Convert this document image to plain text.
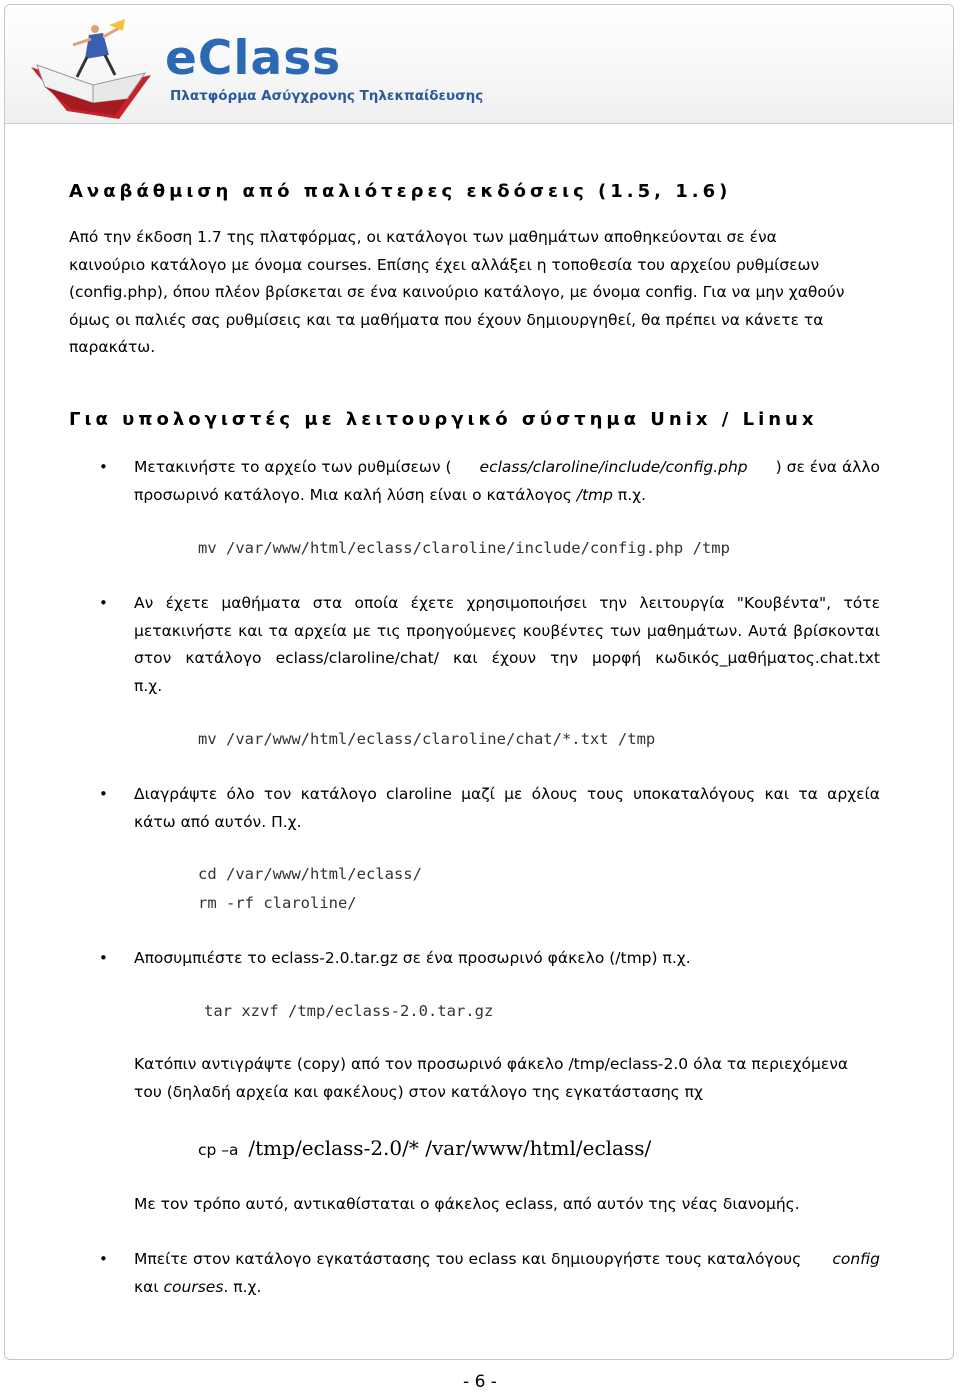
eClass
Πλατφόρμα Ασύγχρονης Τηλεκπαίδευσης
Αναβάθμιση από παλιότερες εκδόσεις (1.5, 1.6)

Από την έκδοση 1.7 της πλατφόρμας, οι κατάλογοι των μαθημάτων αποθηκεύονται σε ένα

καινούριο κατάλογο με όνομα courses. Επίσης έχει αλλάξει η τοποθεσία του αρχείου ρυθμίσεων

(config.php), όπου πλέον βρίσκεται σε ένα καινούριο κατάλογο, με όνομα config. Για να μην χαθούν

όμως οι παλιές σας ρυθμίσεις και τα μαθήματα που έχουν δημιουργηθεί, θα πρέπει να κάνετε τα

παρακάτω.

Για υπολογιστές με λειτουργικό σύστημα Unix / Linux
• Μετακινήστε το αρχείο των ρυθμίσεων ( eclass/claroline/include/config.php ) σε ένα άλλο
προσωρινό κατάλογο. Μια καλή λύση είναι ο κατάλογος /tmp π.χ.
mv /var/www/html/eclass/claroline/include/config.php /tmp
• Αν έχετε μαθήματα στα οποία έχετε χρησιμοποιήσει την λειτουργία "Κουβέντα", τότε
μετακινήστε και τα αρχεία με τις προηγούμενες κουβέντες των μαθημάτων. Αυτά βρίσκονται
στον κατάλογο eclass/claroline/chat/ και έχουν την μορφή κωδικός_μαθήματος.chat.txt
π.χ.
mv /var/www/html/eclass/claroline/chat/*.txt /tmp
• Διαγράψτε όλο τον κατάλογο claroline μαζί με όλους τους υποκαταλόγους και τα αρχεία
κάτω από αυτόν. Π.χ.
cd /var/www/html/eclass/
rm -rf claroline/
• Αποσυμπιέστε το eclass-2.0.tar.gz σε ένα προσωρινό φάκελο (/tmp) π.χ.
tar xzvf /tmp/eclass-2.0.tar.gz

Κατόπιν αντιγράψτε (copy) από τον προσωρινό φάκελο /tmp/eclass-2.0 όλα τα περιεχόμενα

του (δηλαδή αρχεία και φακέλους) στον κατάλογο της εγκατάστασης πχ

cp –a /tmp/eclass-2.0/* /var/www/html/eclass/

Με τον τρόπο αυτό, αντικαθίσταται ο φάκελος eclass, από αυτόν της νέας διανομής.

• Μπείτε στον κατάλογο εγκατάστασης του eclass και δημιουργήστε τους καταλόγους config
και courses. π.χ.
- 6 -
